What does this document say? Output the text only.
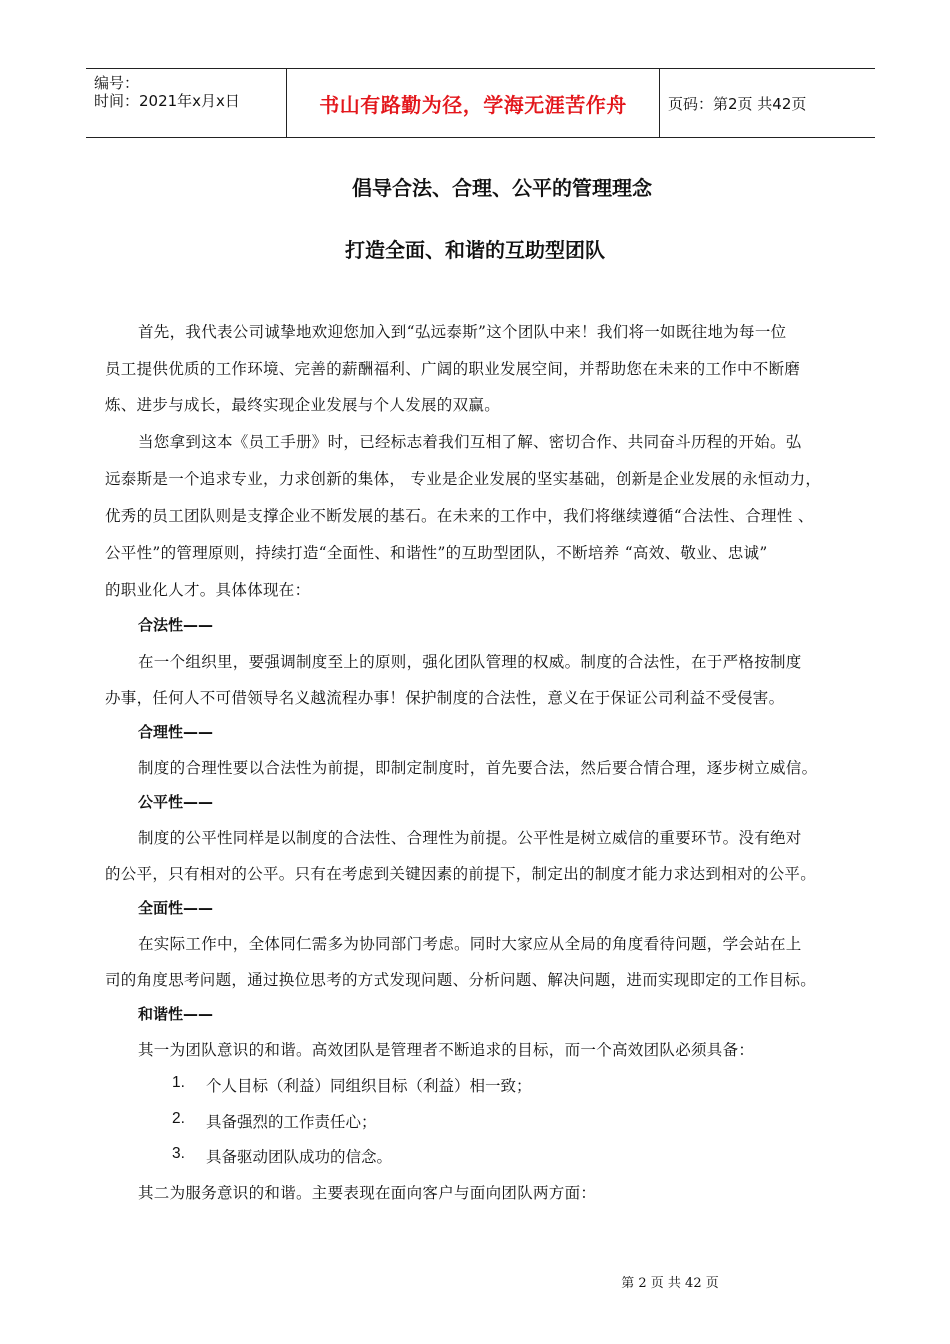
编号：
时间：2021年x月x日	书山有路勤为径，学海无涯苦作舟	页码：第2页 共42页
倡导合法、合理、公平的管理理念
打造全面、和谐的互助型团队
首先，我代表公司诚挚地欢迎您加入到“弘远泰斯”这个团队中来！我们将一如既往地为每一位
员工提供优质的工作环境、完善的薪酬福利、广阔的职业发展空间，并帮助您在未来的工作中不断磨
炼、进步与成长，最终实现企业发展与个人发展的双赢。
当您拿到这本《员工手册》时，已经标志着我们互相了解、密切合作、共同奋斗历程的开始。弘
远泰斯是一个追求专业，力求创新的集体， 专业是企业发展的坚实基础，创新是企业发展的永恒动力，
优秀的员工团队则是支撑企业不断发展的基石。在未来的工作中，我们将继续遵循“合法性、合理性 、
公平性”的管理原则，持续打造“全面性、和谐性”的互助型团队，不断培养 “高效、敬业、忠诚”
的职业化人才。具体体现在：
合法性——
在一个组织里，要强调制度至上的原则，强化团队管理的权威。制度的合法性，在于严格按制度
办事，任何人不可借领导名义越流程办事！保护制度的合法性，意义在于保证公司利益不受侵害。
合理性——
制度的合理性要以合法性为前提，即制定制度时，首先要合法，然后要合情合理，逐步树立威信。
公平性——
制度的公平性同样是以制度的合法性、合理性为前提。公平性是树立威信的重要环节。没有绝对
的公平，只有相对的公平。只有在考虑到关键因素的前提下，制定出的制度才能力求达到相对的公平。
全面性——
在实际工作中，全体同仁需多为协同部门考虑。同时大家应从全局的角度看待问题，学会站在上
司的角度思考问题，通过换位思考的方式发现问题、分析问题、解决问题，进而实现即定的工作目标。
和谐性——
其一为团队意识的和谐。高效团队是管理者不断追求的目标，而一个高效团队必须具备：
1. 个人目标（利益）同组织目标（利益）相一致；
2. 具备强烈的工作责任心；
3. 具备驱动团队成功的信念。
其二为服务意识的和谐。主要表现在面向客户与面向团队两方面：
第 2 页 共 42 页
